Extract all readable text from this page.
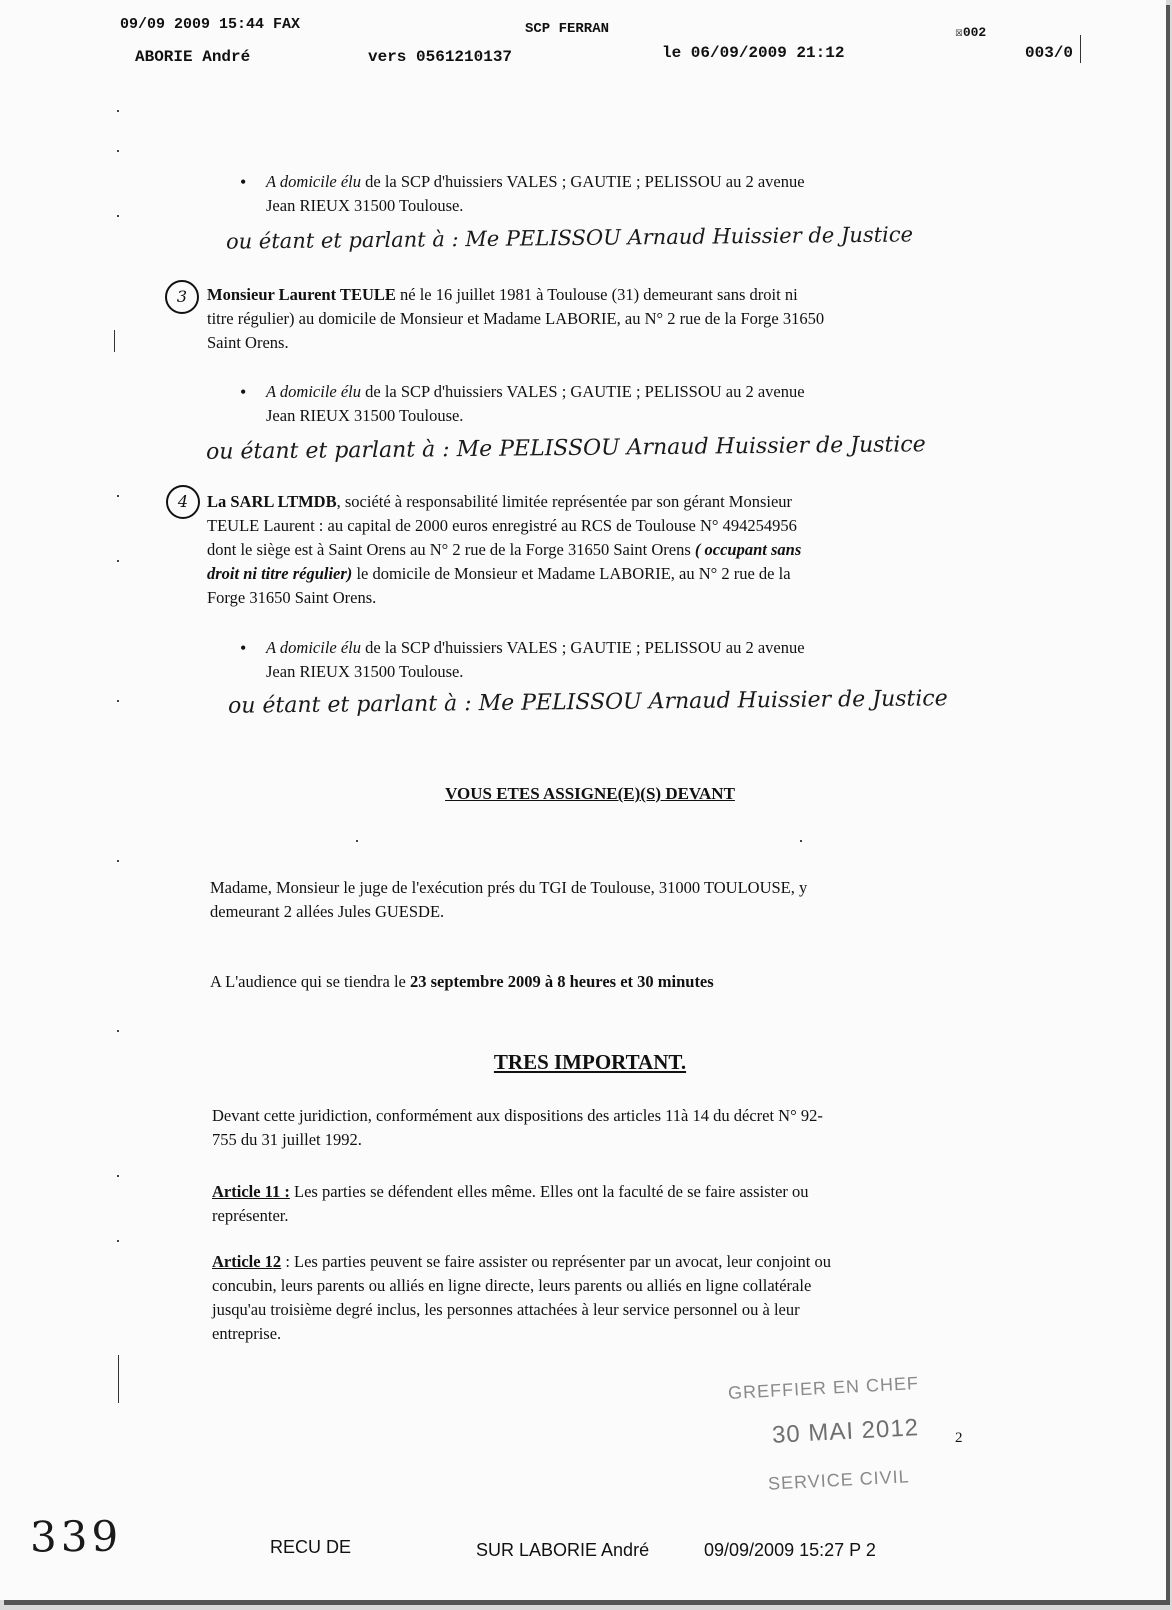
09/09 2009 15:44 FAX	SCP FERRAN	☒002
ABORIE André	vers 0561210137	le 06/09/2009 21:12	003/0
• A domicile élu de la SCP d'huissiers VALES ; GAUTIE ; PELISSOU au 2 avenue
Jean RIEUX 31500 Toulouse.
ou étant et parlant à : Me PELISSOU Arnaud Huissier de Justice
3	Monsieur Laurent TEULE né le 16 juillet 1981 à Toulouse (31) demeurant sans droit ni
titre régulier) au domicile de Monsieur et Madame LABORIE, au N° 2 rue de la Forge 31650
Saint Orens.
• A domicile élu de la SCP d'huissiers VALES ; GAUTIE ; PELISSOU au 2 avenue
Jean RIEUX 31500 Toulouse.
ou étant et parlant à : Me PELISSOU Arnaud Huissier de Justice
4	La SARL LTMDB, société à responsabilité limitée représentée par son gérant Monsieur
TEULE Laurent : au capital de 2000 euros enregistré au RCS de Toulouse N° 494254956
dont le siège est à Saint Orens au N° 2 rue de la Forge 31650 Saint Orens ( occupant sans
droit ni titre régulier) le domicile de Monsieur et Madame LABORIE, au N° 2 rue de la
Forge 31650 Saint Orens.
• A domicile élu de la SCP d'huissiers VALES ; GAUTIE ; PELISSOU au 2 avenue
Jean RIEUX 31500 Toulouse.
ou étant et parlant à : Me PELISSOU Arnaud Huissier de Justice
VOUS ETES ASSIGNE(E)(S) DEVANT
Madame, Monsieur le juge de l'exécution prés du TGI de Toulouse, 31000 TOULOUSE, y
demeurant 2 allées Jules GUESDE.
A L'audience qui se tiendra le 23 septembre 2009 à 8 heures et 30 minutes
TRES IMPORTANT.
Devant cette juridiction, conformément aux dispositions des articles 11à 14 du décret N° 92-
755 du 31 juillet 1992.
Article 11 : Les parties se défendent elles même. Elles ont la faculté de se faire assister ou
représenter.
Article 12 : Les parties peuvent se faire assister ou représenter par un avocat, leur conjoint ou
concubin, leurs parents ou alliés en ligne directe, leurs parents ou alliés en ligne collatérale
jusqu'au troisième degré inclus, les personnes attachées à leur service personnel ou à leur
entreprise.
GREFFIER EN CHEF
30 MAI 2012
SERVICE CIVIL
2
339	RECU DE	SUR LABORIE André	09/09/2009 15:27 P 2
